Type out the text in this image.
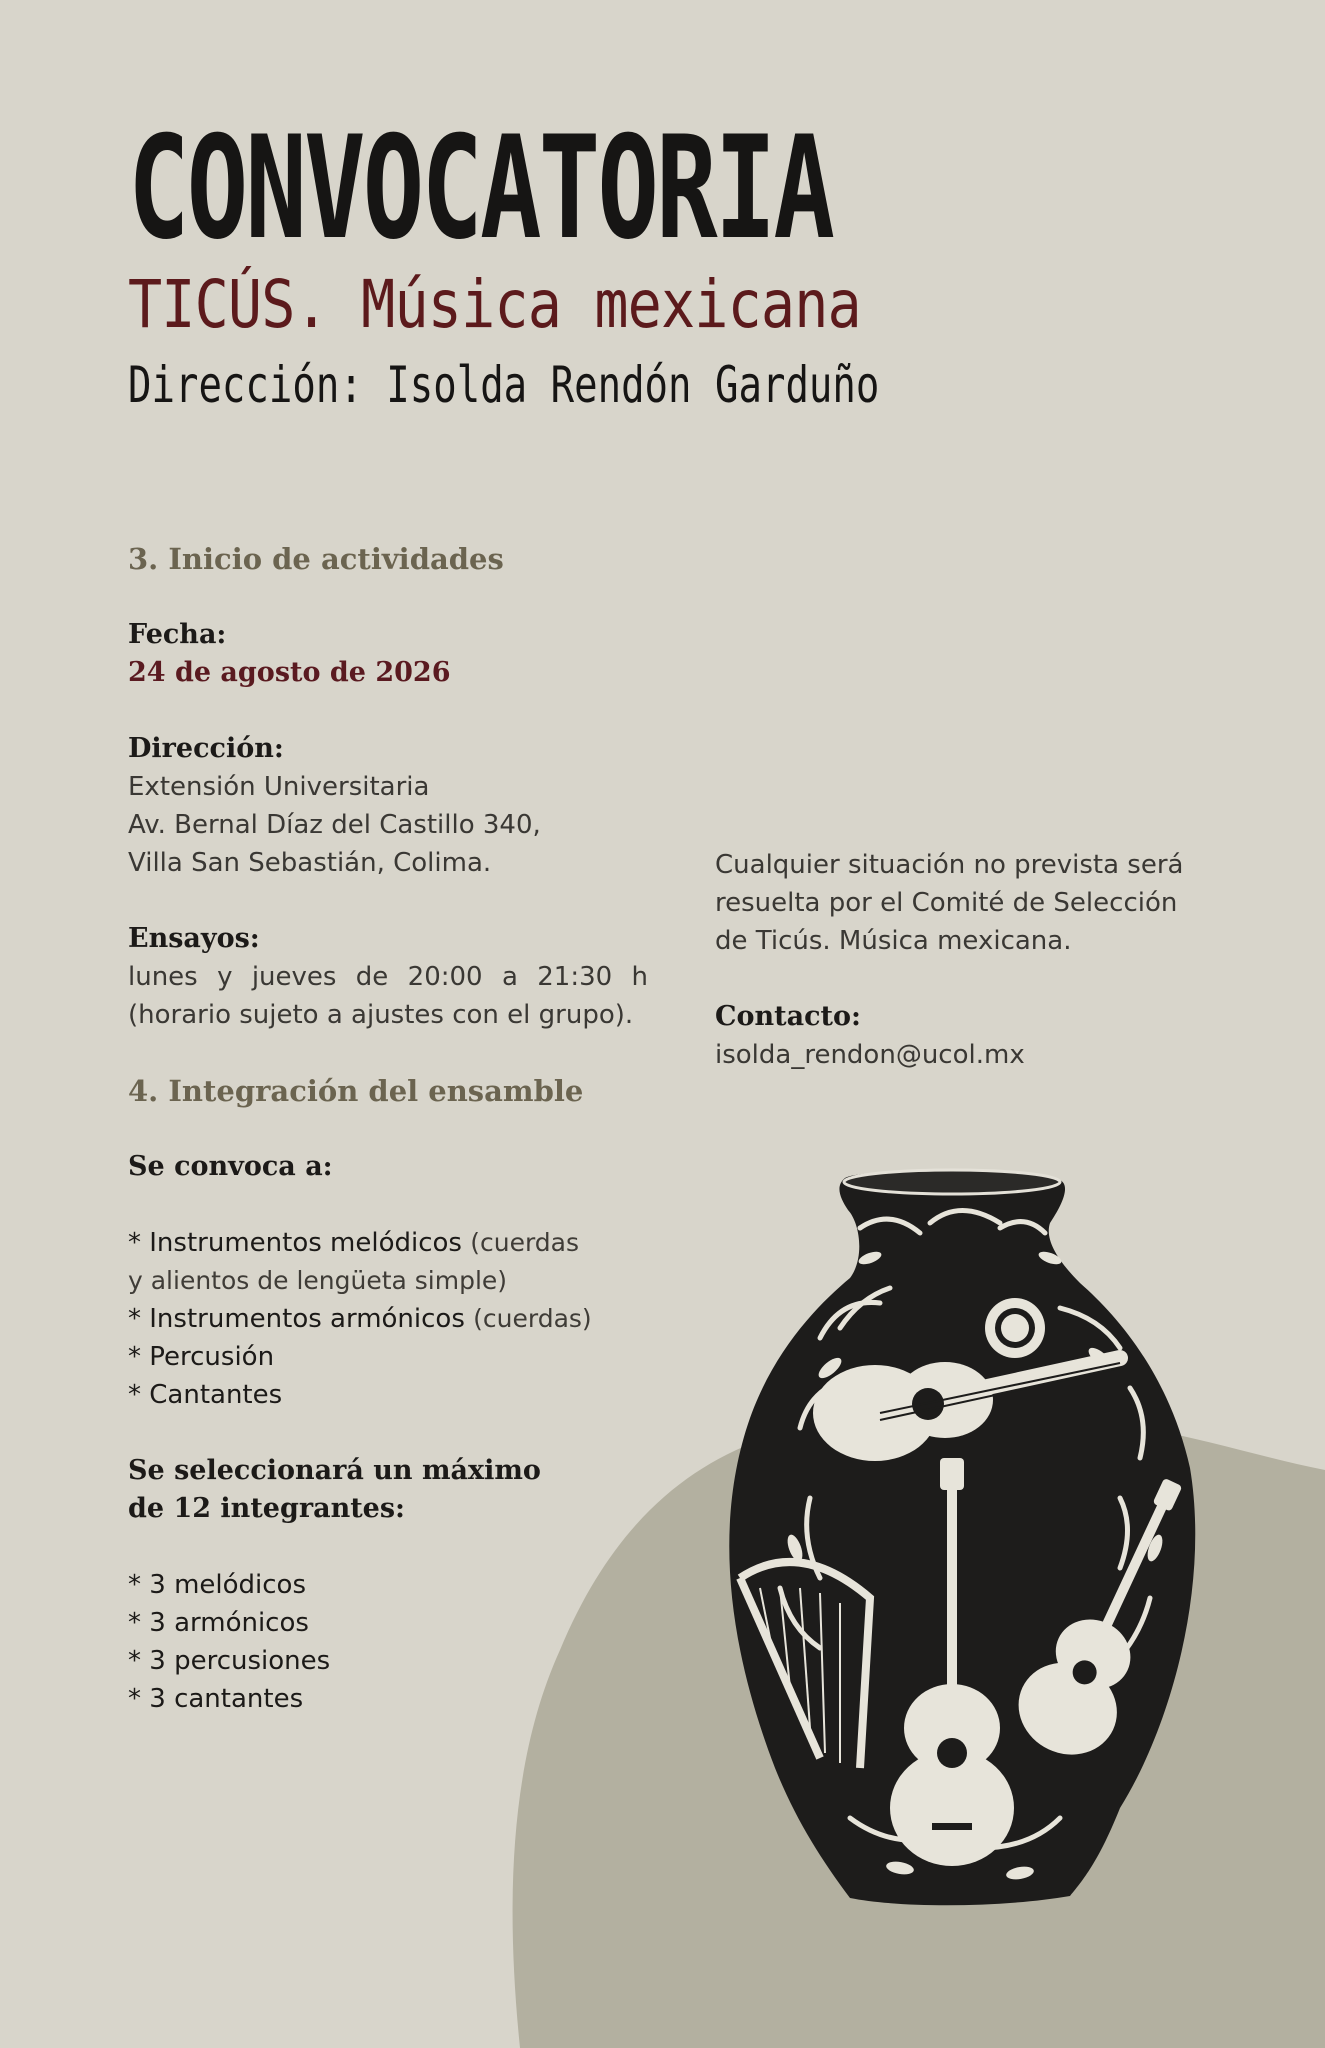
CONVOCATORIA
TICÚS. Música mexicana
Dirección: Isolda Rendón Garduño

3. Inicio de actividades

Fecha:

24 de agosto de 2026

Dirección:

Extensión Universitaria

Av. Bernal Díaz del Castillo 340,

Villa San Sebastián, Colima.

Ensayos:

lunes y jueves de 20:00 a 21:30 h

(horario sujeto a ajustes con el grupo).

4. Integración del ensamble

Se convoca a:

* Instrumentos melódicos (cuerdas

y alientos de lengüeta simple)

* Instrumentos armónicos (cuerdas)

* Percusión

* Cantantes

Se seleccionará un máximo

de 12 integrantes:

* 3 melódicos

* 3 armónicos

* 3 percusiones

* 3 cantantes

Cualquier situación no prevista será

resuelta por el Comité de Selección

de Ticús. Música mexicana.

Contacto:

isolda_rendon@ucol.mx
